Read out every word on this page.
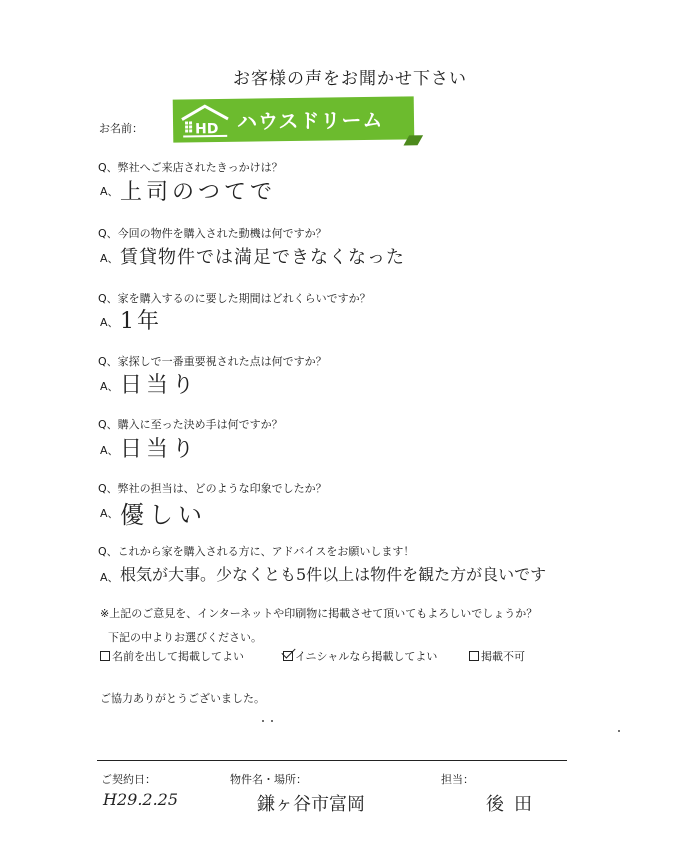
お客様の声をお聞かせ下さい
お名前：	HD ハウスドリーム
Q、弊社へご来店されたきっかけは？
A、 上司のつてで
Q、今回の物件を購入された動機は何ですか？
A、 賃貸物件では満足できなくなった
Q、家を購入するのに要した期間はどれくらいですか？
A、 1年
Q、家探しで一番重要視された点は何ですか？
A、 日当り
Q、購入に至った決め手は何ですか？
A、 日当り
Q、弊社の担当は、どのような印象でしたか？
A、 優しい
Q、これから家を購入される方に、アドバイスをお願いします！
A、 根気が大事。少なくとも5件以上は物件を観た方が良いです
※上記のご意見を、インターネットや印刷物に掲載させて頂いてもよろしいでしょうか？
下記の中よりお選びください。
名前を出して掲載してよい	イニシャルなら掲載してよい	掲載不可
ご協力ありがとうございました。
ご契約日：	物件名・場所：	担当：
H29.2.25	鎌ヶ谷市富岡	後田
